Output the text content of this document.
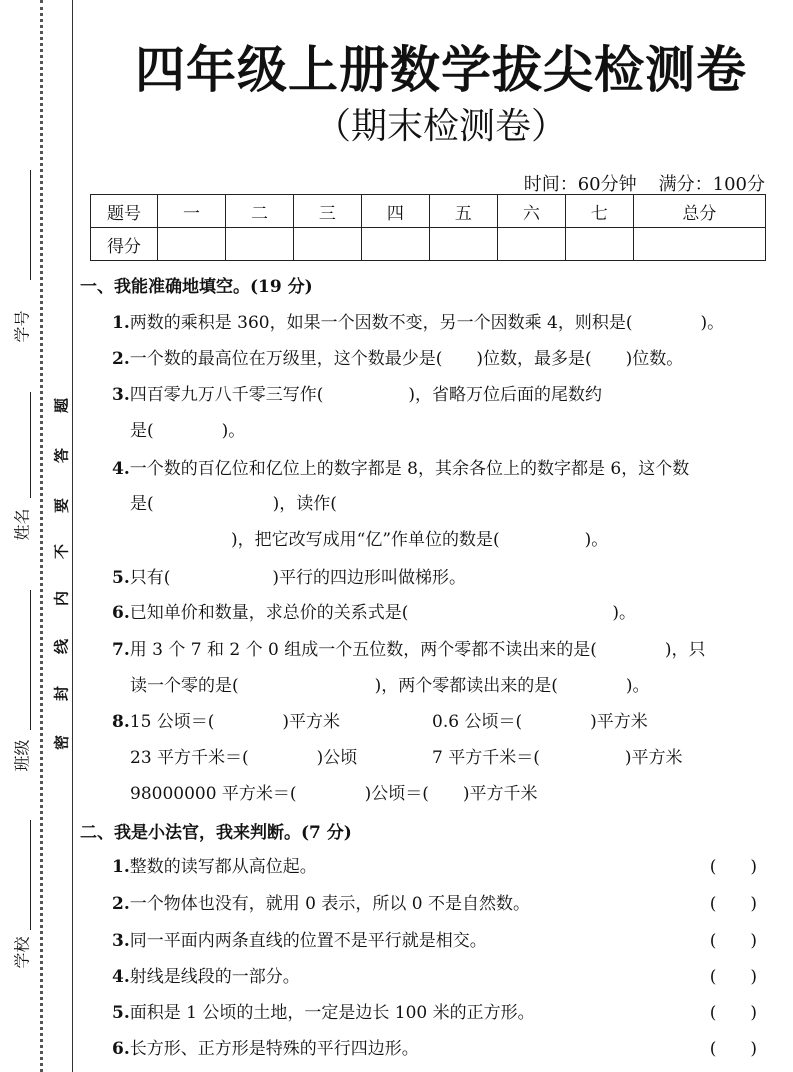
题
答
要
不
内
线
封
密
学号
姓名
班级
学校
四年级上册数学拔尖检测卷
（期末检测卷）
时间：60分钟 满分：100分
题号	一	二	三	四	五	六	七	总分
得分								
一、我能准确地填空。(19 分)
1.两数的乘积是 360，如果一个因数不变，另一个因数乘 4，则积是(　　　　)。
2.一个数的最高位在万级里，这个数最少是(　　)位数，最多是(　　)位数。
3.四百零九万八千零三写作(　　　　　)，省略万位后面的尾数约
是(　　　　)。
4.一个数的百亿位和亿位上的数字都是 8，其余各位上的数字都是 6，这个数
是(　　　　　　　)，读作(
　　　　　　　)，把它改写成用“亿”作单位的数是(　　　　　)。
5.只有(　　　　　　)平行的四边形叫做梯形。
6.已知单价和数量，求总价的关系式是(　　　　　　　　　　　　)。
7.用 3 个 7 和 2 个 0 组成一个五位数，两个零都不读出来的是(　　　　)，只
读一个零的是(　　　　　　　　)，两个零都读出来的是(　　　　)。
8.15 公顷＝(　　　　)平方米	0.6 公顷＝(　　　　)平方米
23 平方千米＝(　　　　)公顷	7 平方千米＝(　　　　　)平方米
98000000 平方米＝(　　　　)公顷＝(　　)平方千米
二、我是小法官，我来判断。(7 分)
1.整数的读写都从高位起。	(　　)
2.一个物体也没有，就用 0 表示，所以 0 不是自然数。	(　　)
3.同一平面内两条直线的位置不是平行就是相交。	(　　)
4.射线是线段的一部分。	(　　)
5.面积是 1 公顷的土地，一定是边长 100 米的正方形。	(　　)
6.长方形、正方形是特殊的平行四边形。	(　　)
